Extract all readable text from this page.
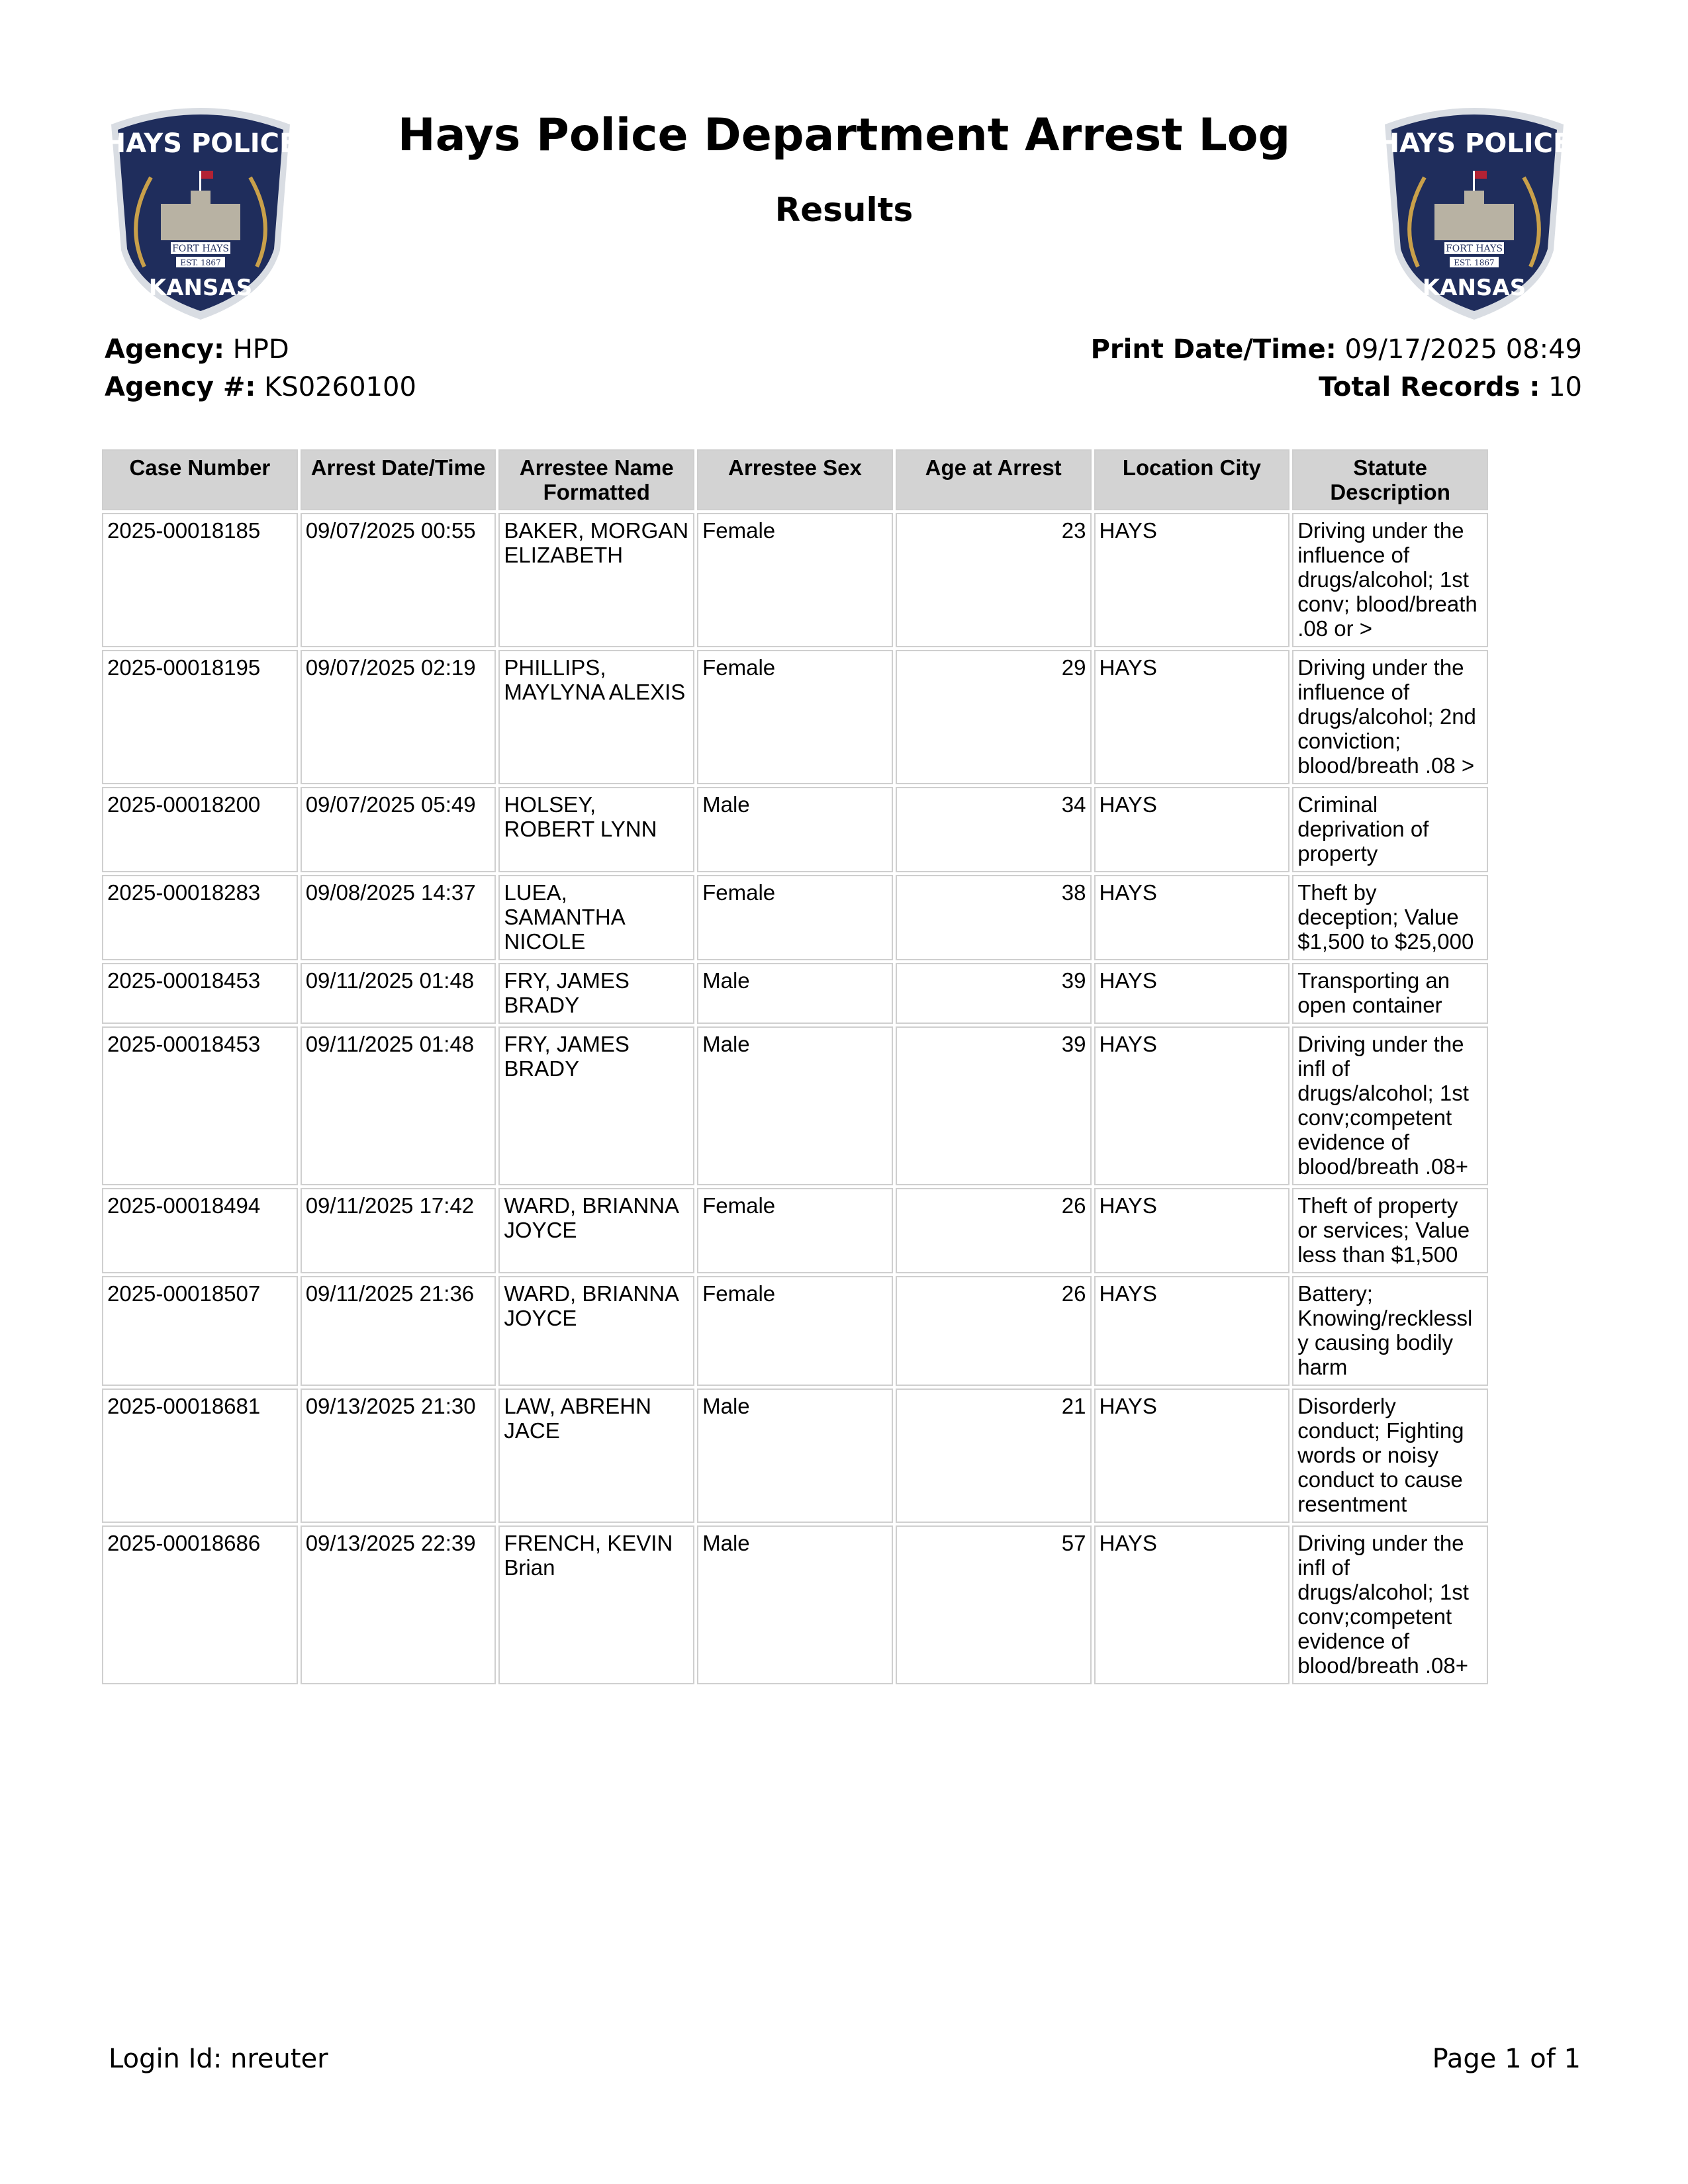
HAYS POLICE
FORT HAYS
EST. 1867
KANSAS
HAYS POLICE
FORT HAYS
EST. 1867
KANSAS
Hays Police Department Arrest Log
Results
Agency: HPD
Agency #: KS0260100
Print Date/Time: 09/17/2025 08:49
Total Records : 10
Case Number	Arrest Date/Time	Arrestee Name Formatted	Arrestee Sex	Age at Arrest	Location City	Statute Description
2025-00018185	09/07/2025 00:55	BAKER, MORGAN ELIZABETH	Female	23	HAYS	Driving under the influence of drugs/alcohol; 1st conv; blood/breath .08 or >
2025-00018195	09/07/2025 02:19	PHILLIPS, MAYLYNA ALEXIS	Female	29	HAYS	Driving under the influence of drugs/alcohol; 2nd conviction; blood/breath .08 >
2025-00018200	09/07/2025 05:49	HOLSEY, ROBERT LYNN	Male	34	HAYS	Criminal deprivation of property
2025-00018283	09/08/2025 14:37	LUEA, SAMANTHA NICOLE	Female	38	HAYS	Theft by deception; Value $1,500 to $25,000
2025-00018453	09/11/2025 01:48	FRY, JAMES BRADY	Male	39	HAYS	Transporting an open container
2025-00018453	09/11/2025 01:48	FRY, JAMES BRADY	Male	39	HAYS	Driving under the infl of drugs/alcohol; 1st conv;competent evidence of blood/breath .08+
2025-00018494	09/11/2025 17:42	WARD, BRIANNA JOYCE	Female	26	HAYS	Theft of property or services; Value less than $1,500
2025-00018507	09/11/2025 21:36	WARD, BRIANNA JOYCE	Female	26	HAYS	Battery; Knowing/recklessly causing bodily harm
2025-00018681	09/13/2025 21:30	LAW, ABREHN JACE	Male	21	HAYS	Disorderly conduct; Fighting words or noisy conduct to cause resentment
2025-00018686	09/13/2025 22:39	FRENCH, KEVIN Brian	Male	57	HAYS	Driving under the infl of drugs/alcohol; 1st conv;competent evidence of blood/breath .08+
Login Id: nreuter	Page 1 of 1
